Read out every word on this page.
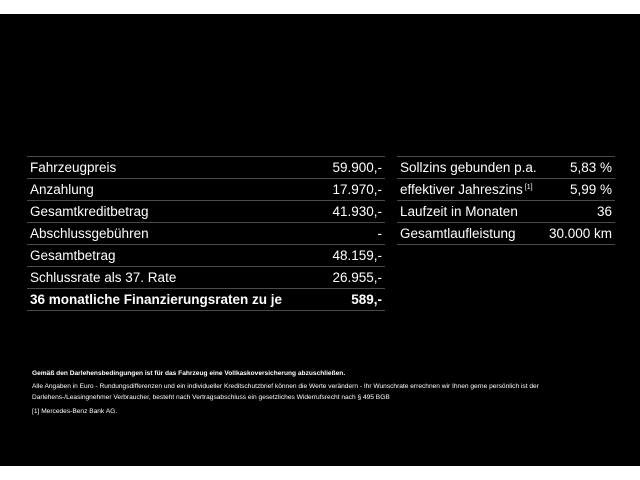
Fahrzeugpreis	59.900,-
Anzahlung	17.970,-
Gesamtkreditbetrag	41.930,-
Abschlussgebühren	-
Gesamtbetrag	48.159,-
Schlussrate als 37. Rate	26.955,-
36 monatliche Finanzierungsraten zu je	589,-
Sollzins gebunden p.a.	5,83 %
effektiver Jahreszins [1]	5,99 %
Laufzeit in Monaten	36
Gesamtlaufleistung	30.000 km
Gemäß den Darlehensbedingungen ist für das Fahrzeug eine Vollkaskoversicherung abzuschließen.
Alle Angaben in Euro - Rundungsdifferenzen und ein individueller Kreditschutzbrief können die Werte verändern - Ihr Wunschrate errechnen wir Ihnen gerne persönlich ist der Darlehens-/Leasingnehmer Verbraucher, besteht nach Vertragsabschluss ein gesetzliches Widerrufsrecht nach § 495 BGB
[1] Mercedes-Benz Bank AG.
